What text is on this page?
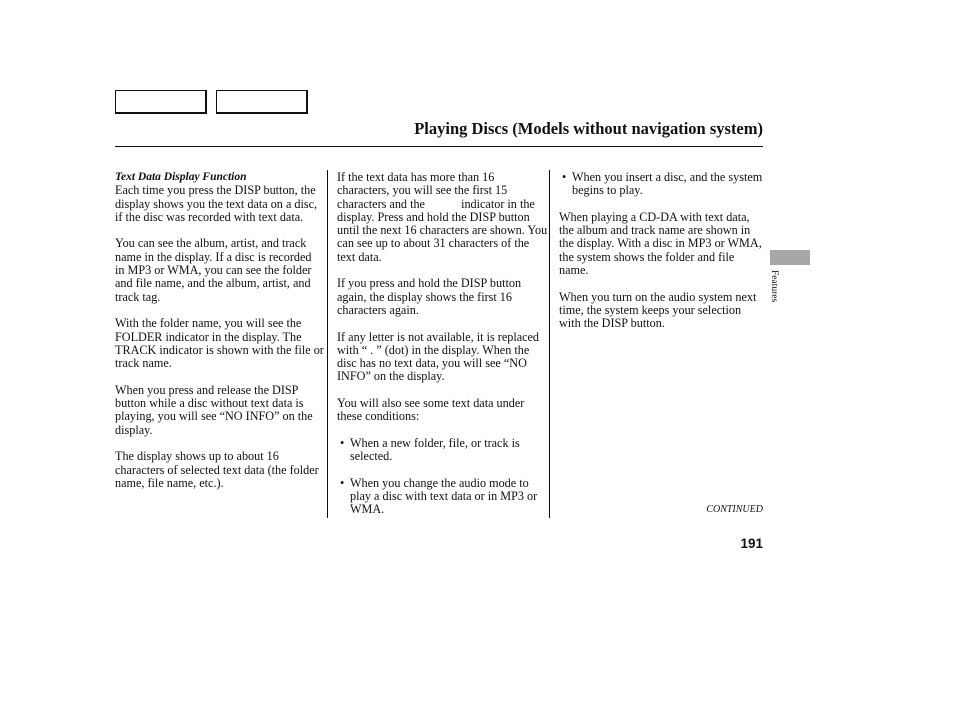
Playing Discs (Models without navigation system)
Text Data Display Function

Each time you press the DISP button, the display shows you the text data on a disc, if the disc was recorded with text data.

You can see the album, artist, and track name in the display. If a disc is recorded in MP3 or WMA, you can see the folder and file name, and the album, artist, and track tag.

With the folder name, you will see the FOLDER indicator in the display. The TRACK indicator is shown with the file or track name.

When you press and release the DISP button while a disc without text data is playing, you will see “NO INFO” on the display.

The display shows up to about 16 characters of selected text data (the folder name, file name, etc.).

If the text data has more than 16 characters, you will see the first 15 characters and the	indicator in the display. Press and hold the DISP button until the next 16 characters are shown. You can see up to about 31 characters of the text data.

If you press and hold the DISP button again, the display shows the first 16 characters again.

If any letter is not available, it is replaced with “ . ” (dot) in the display. When the disc has no text data, you will see “NO INFO” on the display.

You will also see some text data under these conditions:

• When a new folder, file, or track is selected.

• When you change the audio mode to play a disc with text data or in MP3 or WMA.

• When you insert a disc, and the system begins to play.

When playing a CD-DA with text data, the album and track name are shown in the display. With a disc in MP3 or WMA, the system shows the folder and file name.

When you turn on the audio system next time, the system keeps your selection with the DISP button.

Features
CONTINUED
191
